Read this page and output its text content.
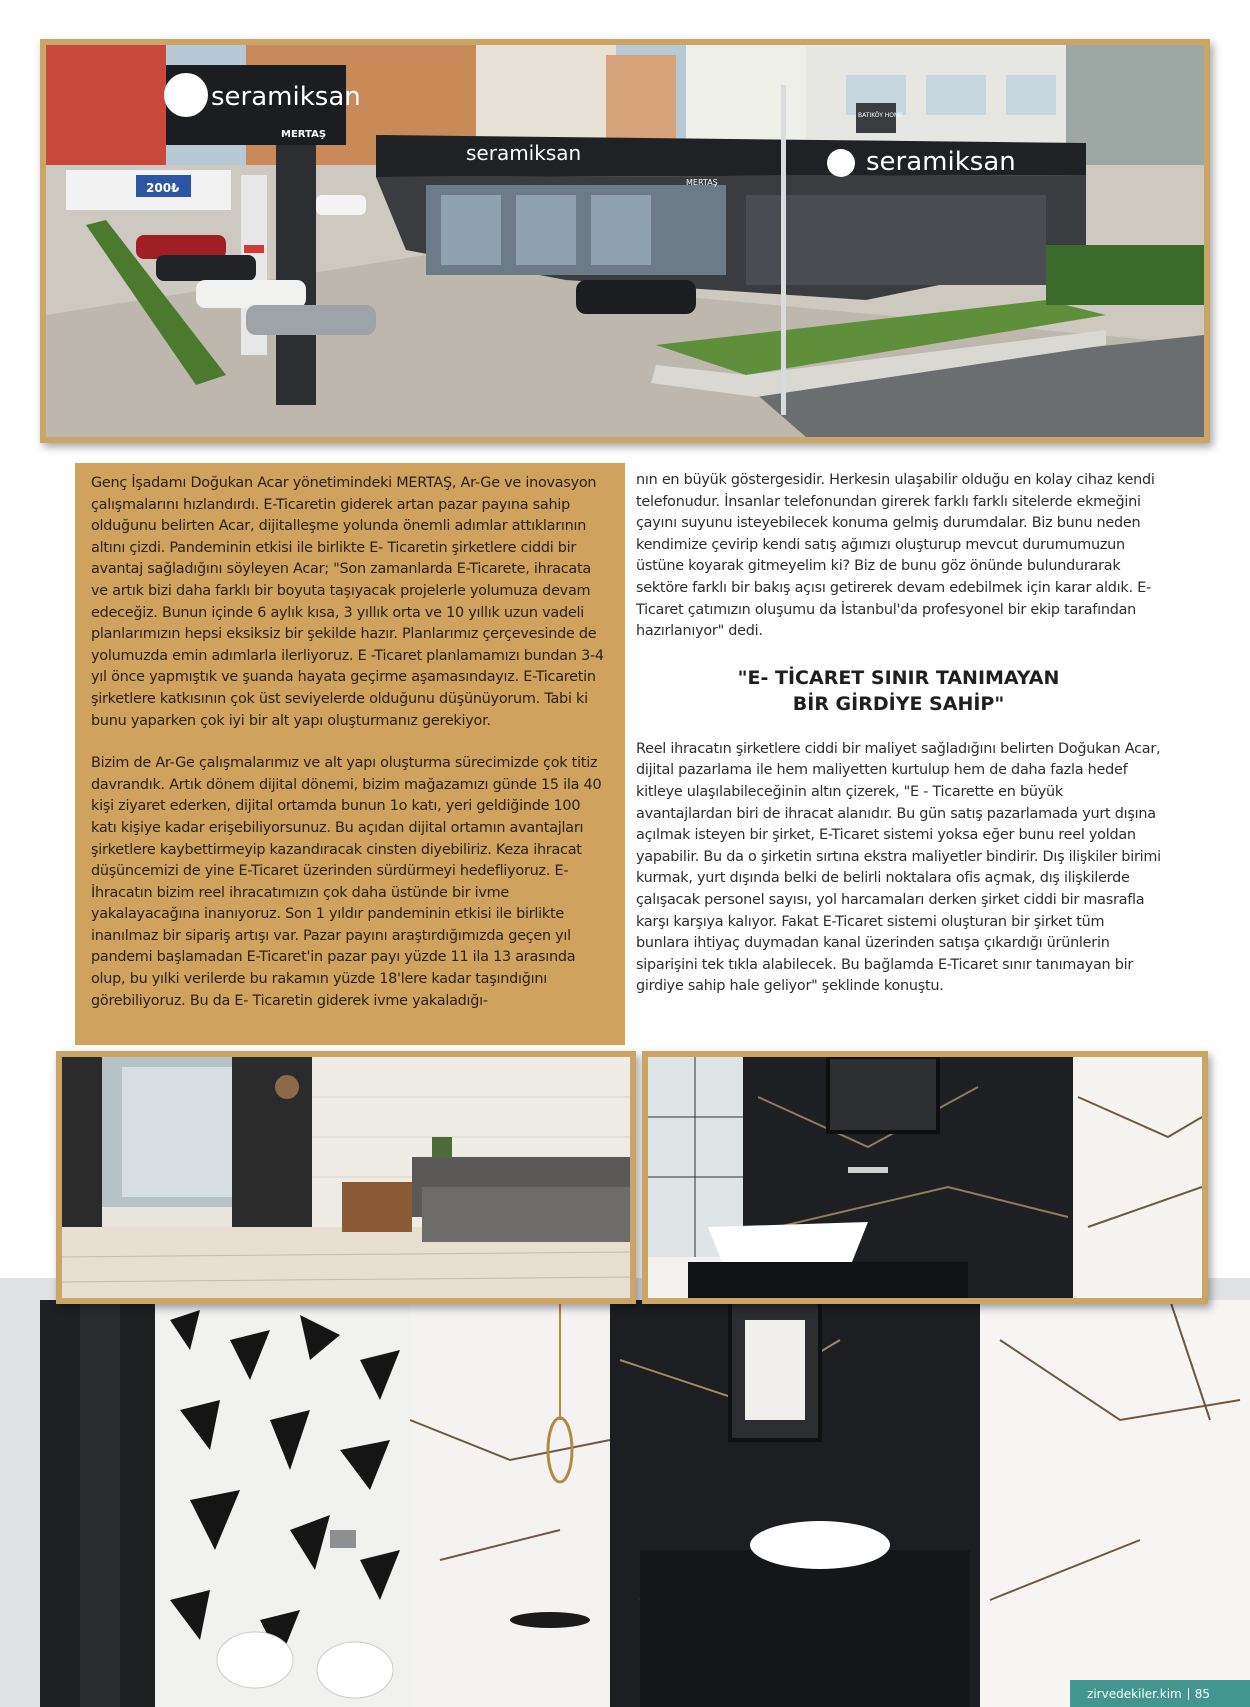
seramiksan	seramiksan
MERTAŞ
200₺
seramiksan
MERTAŞ
BATIKÖY HOME

Genç İşadamı Doğukan Acar yönetimindeki MERTAŞ, Ar-Ge ve inovasyon çalışmalarını hızlandırdı. E-Ticaretin giderek artan pazar payına sahip olduğunu belirten Acar, dijitalleşme yolunda önemli adımlar attıklarının altını çizdi. Pandeminin etkisi ile birlikte E- Ticaretin şirketlere ciddi bir avantaj sağladığını söyleyen Acar; "Son zamanlarda E-Ticarete, ihracata ve artık bizi daha farklı bir boyuta taşıyacak projelerle yolumuza devam edeceğiz. Bunun içinde 6 aylık kısa, 3 yıllık orta ve 10 yıllık uzun vadeli planlarımızın hepsi eksiksiz bir şekilde hazır. Planlarımız çerçevesinde de yolumuzda emin adımlarla ilerliyoruz. E -Ticaret planlamamızı bundan 3-4 yıl önce yapmıştık ve şuanda hayata geçirme aşamasındayız. E-Ticaretin şirketlere katkısının çok üst seviyelerde olduğunu düşünüyorum. Tabi ki bunu yaparken çok iyi bir alt yapı oluşturmanız gerekiyor.

Bizim de Ar-Ge çalışmalarımız ve alt yapı oluşturma sürecimizde çok titiz davrandık. Artık dönem dijital dönemi, bizim mağazamızı günde 15 ila 40 kişi ziyaret ederken, dijital ortamda bunun 1o katı, yeri geldiğinde 100 katı kişiye kadar erişebiliyorsunuz. Bu açıdan dijital ortamın avantajları şirketlere kaybettirmeyip kazandıracak cinsten diyebiliriz. Keza ihracat düşüncemizi de yine E-Ticaret üzerinden sürdürmeyi hedefliyoruz. E-İhracatın bizim reel ihracatımızın çok daha üstünde bir ivme yakalayacağına inanıyoruz. Son 1 yıldır pandeminin etkisi ile birlikte inanılmaz bir sipariş artışı var. Pazar payını araştırdığımızda geçen yıl pandemi başlamadan E-Ticaret'in pazar payı yüzde 11 ila 13 arasında olup, bu yılki verilerde bu rakamın yüzde 18'lere kadar taşındığını görebiliyoruz. Bu da E- Ticaretin giderek ivme yakaladığı-

nın en büyük göstergesidir. Herkesin ulaşabilir olduğu en kolay cihaz kendi telefonudur. İnsanlar telefonundan girerek farklı farklı sitelerde ekmeğini çayını suyunu isteyebilecek konuma gelmiş durumdalar. Biz bunu neden kendimize çevirip kendi satış ağımızı oluşturup mevcut durumumuzun üstüne koyarak gitmeyelim ki? Biz de bunu göz önünde bulundurarak sektöre farklı bir bakış açısı getirerek devam edebilmek için karar aldık. E-Ticaret çatımızın oluşumu da İstanbul'da profesyonel bir ekip tarafından hazırlanıyor" dedi.

"E- TİCARET SINIR TANIMAYAN
BİR GİRDİYE SAHİP"

Reel ihracatın şirketlere ciddi bir maliyet sağladığını belirten Doğukan Acar, dijital pazarlama ile hem maliyetten kurtulup hem de daha fazla hedef kitleye ulaşılabileceğinin altın çizerek, "E - Ticarette en büyük avantajlardan biri de ihracat alanıdır. Bu gün satış pazarlamada yurt dışına açılmak isteyen bir şirket, E-Ticaret sistemi yoksa eğer bunu reel yoldan yapabilir. Bu da o şirketin sırtına ekstra maliyetler bindirir. Dış ilişkiler birimi kurmak, yurt dışında belki de belirli noktalara ofis açmak, dış ilişkilerde çalışacak personel sayısı, yol harcamaları derken şirket ciddi bir masrafla karşı karşıya kalıyor. Fakat E-Ticaret sistemi oluşturan bir şirket tüm bunlara ihtiyaç duymadan kanal üzerinden satışa çıkardığı ürünlerin siparişini tek tıkla alabilecek. Bu bağlamda E-Ticaret sınır tanımayan bir girdiye sahip hale geliyor" şeklinde konuştu.

zirvedekiler.kim 85
